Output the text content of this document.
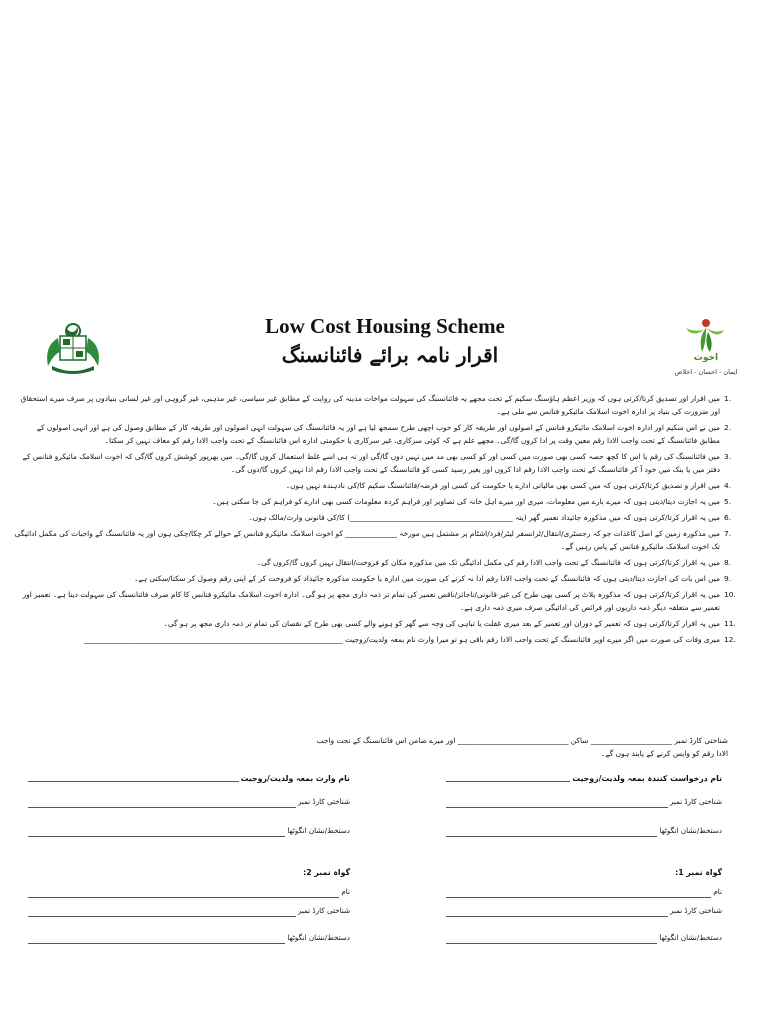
اخوت
ایمان - احسان - اخلاص
Low Cost Housing Scheme
اقرار نامہ برائے فائنانسنگ
1.
میں اقرار اور تصدیق کرتا/کرتی ہوں کہ وزیر اعظم ہاؤسنگ سکیم کے تحت مجھے یہ فائنانسنگ کی سہولت مواخات مدینہ کی روایت کے مطابق غیر سیاسی، غیر مذہبی، غیر گروہی اور غیر لسانی بنیادوں پر صرف میرے استحقاق اور ضرورت کی بنیاد پر ادارہ اخوت اسلامک مائیکرو فنانس سے ملی ہے۔
2.
میں نے اس سکیم اور ادارہ اخوت اسلامک مائیکرو فنانس کے اصولوں اور طریقہ کار کو خوب اچھی طرح سمجھ لیا ہے اور یہ فائنانسنگ کی سہولت انہی اصولوں اور طریقہ کار کے مطابق وصول کی ہے اور انہی اصولوں کے مطابق فائنانسنگ کے تحت واجب الادا رقم معین وقت پر ادا کروں گا/گی۔ مجھے علم ہے کہ کوئی سرکاری، غیر سرکاری یا حکومتی ادارہ اس فائنانسنگ کے تحت واجب الادا رقم کو معاف نہیں کر سکتا۔
3.
میں فائنانسنگ کی رقم یا اس کا کچھ حصہ کسی بھی صورت میں کسی اور کو کسی بھی مد میں نہیں دوں گا/گی اور نہ ہی اسے غلط استعمال کروں گا/گی۔ میں بھرپور کوشش کروں گا/گی کہ اخوت اسلامک مائیکرو فنانس کے دفتر میں یا بنک میں خود آ کر فائنانسنگ کے تحت واجب الادا رقم ادا کروں اور بغیر رسید کسی کو فائنانسنگ کے تحت واجب الادا رقم ادا نہیں کروں گا/دوں گی۔
4.
میں اقرار و تصدیق کرتا/کرتی ہوں کہ میں کسی بھی مالیاتی ادارے یا حکومت کی کسی اور قرضہ/فائنانسنگ سکیم کا/کی نادہندہ نہیں ہوں۔
5.
میں یہ اجازت دیتا/دیتی ہوں کہ میرے بارے میں معلومات، میری اور میرے اہل خانہ کی تصاویر اور فراہم کردہ معلومات کسی بھی ادارے کو فراہم کی جا سکتی ہیں۔
6.
میں یہ اقرار کرتا/کرتی ہوں کہ میں مذکورہ جائیداد تعمیر گھر (پتہ ____________________________________________) کا/کی قانونی وارث/مالک ہوں۔
7.
میں مذکورہ زمین کے اصل کاغذات جو کہ رجسٹری/انتقال/ٹرانسفر لیٹر/فرد/اشٹام پر مشتمل ہیں مورخہ ______________ کو اخوت اسلامک مائیکرو فنانس کے حوالے کر چکا/چکی ہوں اور یہ فائنانسنگ کے واجبات کی مکمل ادائیگی تک اخوت اسلامک مائیکرو فنانس کے پاس رہیں گے۔
8.
میں یہ اقرار کرتا/کرتی ہوں کہ فائنانسنگ کے تحت واجب الادا رقم کی مکمل ادائیگی تک میں مذکورہ مکان کو فروخت/انتقال نہیں کروں گا/کروں گی۔
9.
میں اس بات کی اجازت دیتا/دیتی ہوں کہ فائنانسنگ کے تحت واجب الادا رقم ادا نہ کرنے کی صورت میں ادارہ یا حکومت مذکورہ جائیداد کو فروخت کر کے اپنی رقم وصول کر سکتا/سکتی ہے۔
10.
میں یہ اقرار کرتا/کرتی ہوں کہ مذکورہ پلاٹ پر کسی بھی طرح کی غیر قانونی/ناجائز/ناقص تعمیر کی تمام تر ذمہ داری مجھ پر ہو گی۔ ادارہ اخوت اسلامک مائیکرو فنانس کا کام صرف فائنانسنگ کی سہولت دینا ہے۔ تعمیر اور تعمیر سے متعلقہ دیگر ذمہ داریوں اور فرائض کی ادائیگی صرف میری ذمہ داری ہے۔
11.
میں یہ اقرار کرتا/کرتی ہوں کہ تعمیر کے دوران اور تعمیر کے بعد میری غفلت یا تباہی کی وجہ سے گھر کو ہونے والے کسی بھی طرح کے نقصان کی تمام تر ذمہ داری مجھ پر ہو گی۔
12.
میری وفات کی صورت میں اگر میرے اوپر فائنانسنگ کے تحت واجب الادا رقم باقی ہو تو میرا وارث نام بمعہ ولدیت/زوجیت ______________________________________________________________________
شناختی کارڈ نمبر ______________________ ساکن ______________________________ اور میرے ضامن اس فائنانسنگ کے تحت واجب
الادا رقم کو واپس کرنے کے پابند ہوں گے۔
نام درخواست کنندہ بمعہ ولدیت/زوجیت
شناختی کارڈ نمبر
دستخط/نشان انگوٹھا
نام وارث بمعہ ولدیت/زوجیت
شناختی کارڈ نمبر
دستخط/نشان انگوٹھا
گواہ نمبر 1:
نام
شناختی کارڈ نمبر
دستخط/نشان انگوٹھا
گواہ نمبر 2:
نام
شناختی کارڈ نمبر
دستخط/نشان انگوٹھا
